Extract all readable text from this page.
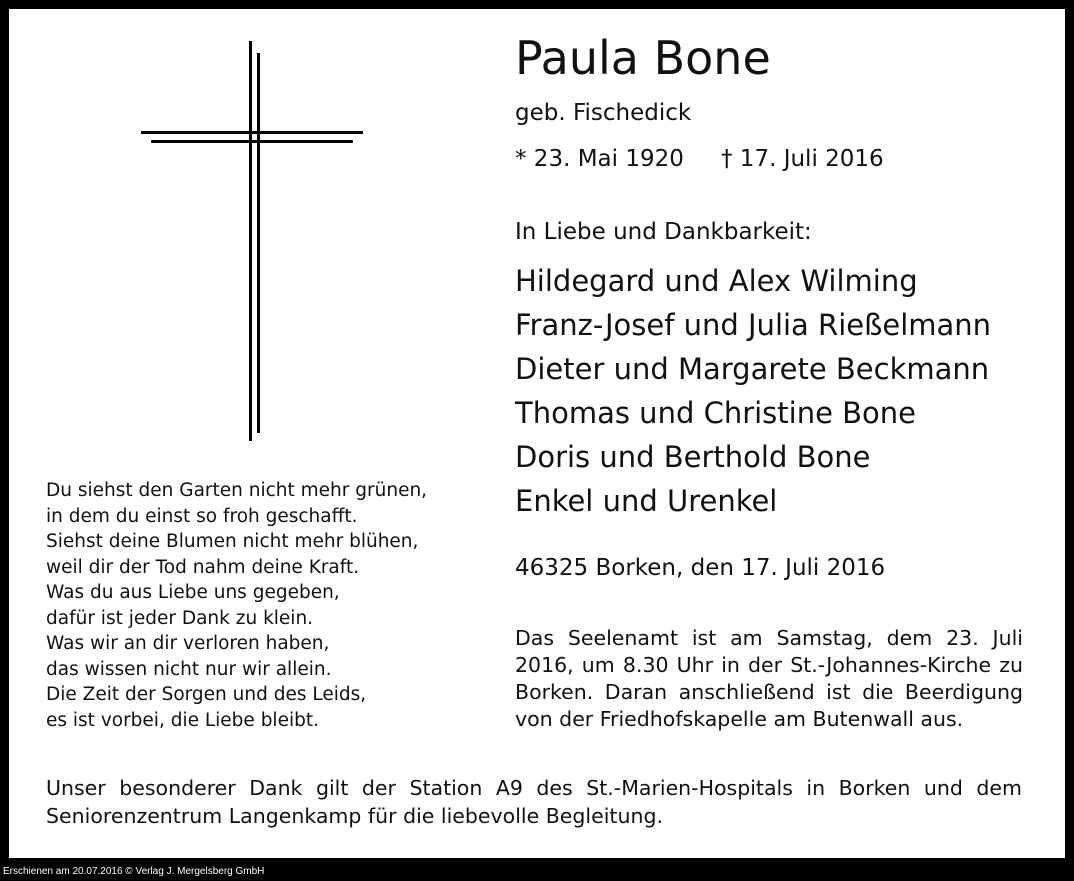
Paula Bone
geb. Fischedick
* 23. Mai 1920 † 17. Juli 2016
In Liebe und Dankbarkeit:
Hildegard und Alex Wilming
Franz-Josef und Julia Rießelmann
Dieter und Margarete Beckmann
Thomas und Christine Bone
Doris und Berthold Bone
Enkel und Urenkel
46325 Borken, den 17. Juli 2016
Das Seelenamt ist am Samstag, dem 23. Juli 2016, um 8.30 Uhr in der St.-Johannes-Kirche zu Borken. Daran anschließend ist die Beerdigung von der Friedhofskapelle am Butenwall aus.
Du siehst den Garten nicht mehr grünen,
in dem du einst so froh geschafft.
Siehst deine Blumen nicht mehr blühen,
weil dir der Tod nahm deine Kraft.
Was du aus Liebe uns gegeben,
dafür ist jeder Dank zu klein.
Was wir an dir verloren haben,
das wissen nicht nur wir allein.
Die Zeit der Sorgen und des Leids,
es ist vorbei, die Liebe bleibt.
Unser besonderer Dank gilt der Station A9 des St.-Marien-Hospitals in Borken und dem Seniorenzentrum Langenkamp für die liebevolle Begleitung.
Erschienen am 20.07.2016 © Verlag J. Mergelsberg GmbH
